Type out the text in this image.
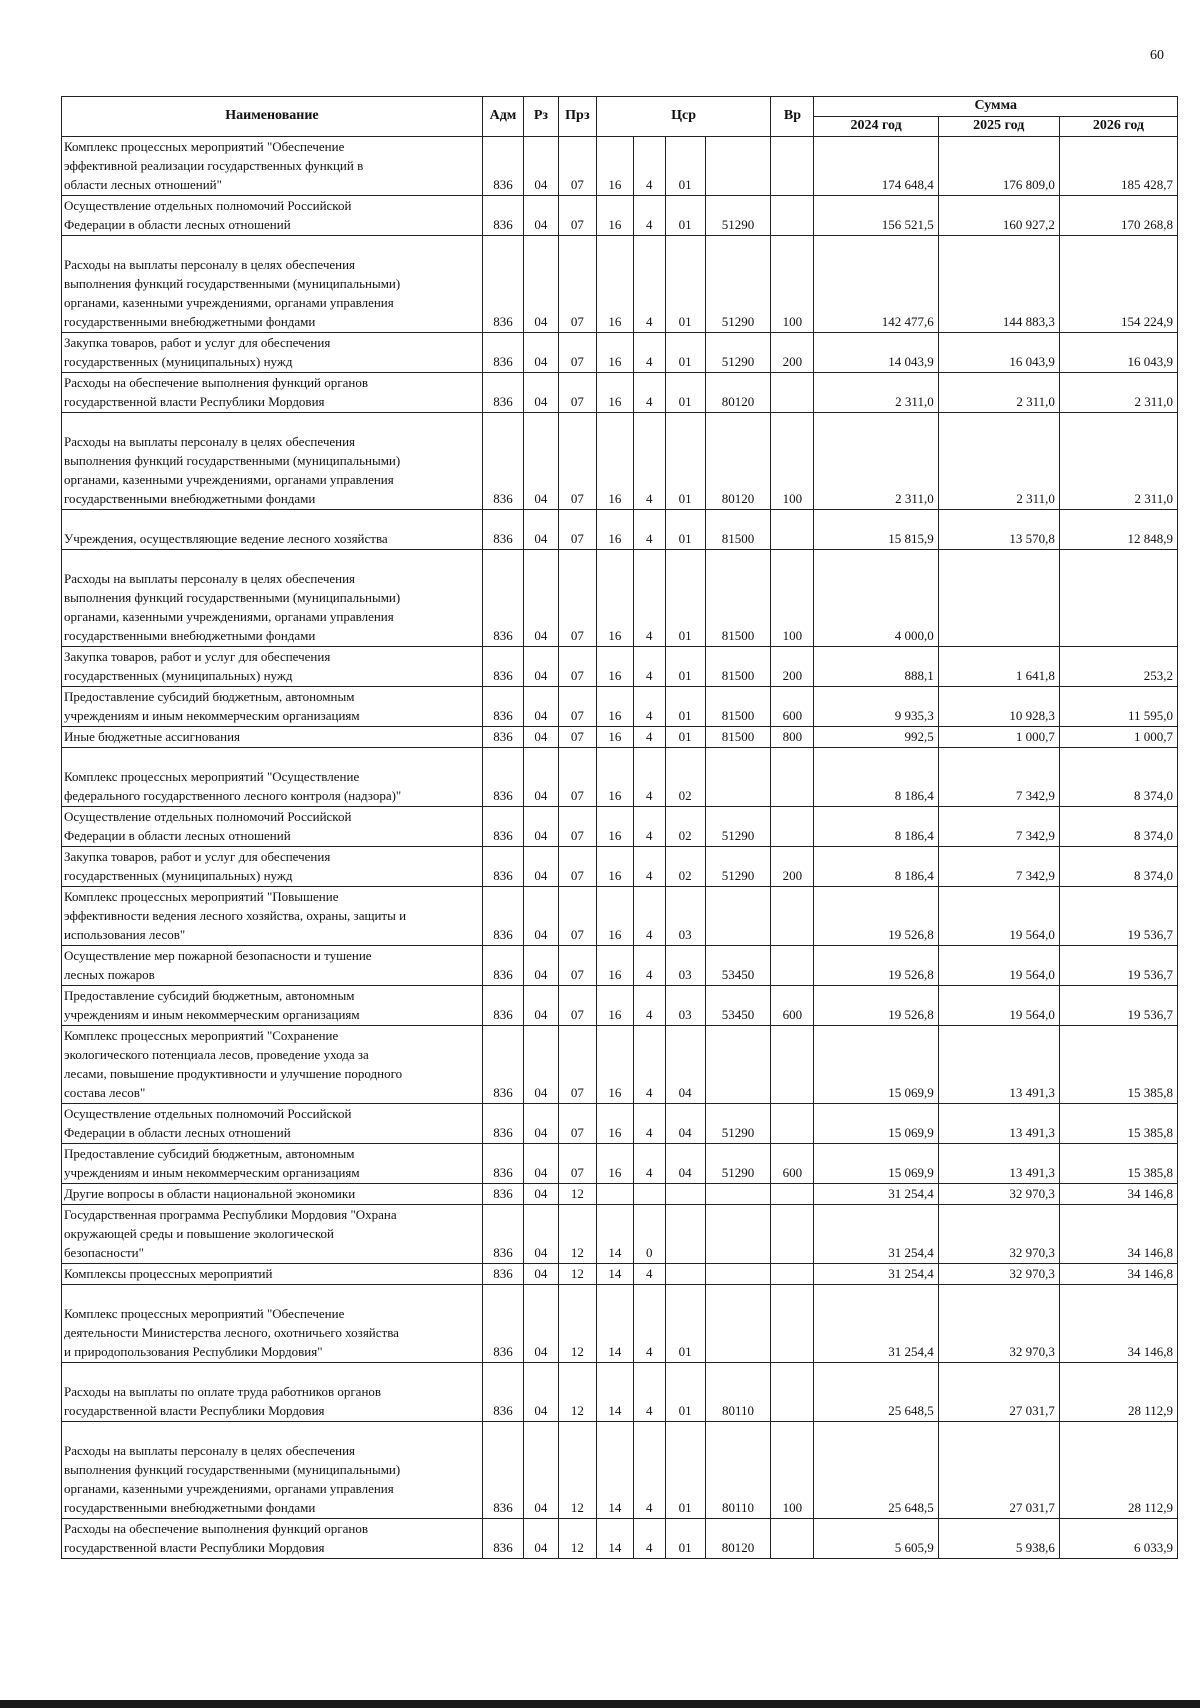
60
Наименование	Адм	Рз	Прз	Цср				Вр	Сумма		
									2024 год	2025 год	2026 год

Комплекс процессных мероприятий "Обеспечение
эффективной реализации государственных функций в
области лесных отношений"	836	04	07	16	4	01			174 648,4	176 809,0	185 428,7

Осуществление отдельных полномочий Российской
Федерации в области лесных отношений	836	04	07	16	4	01	51290		156 521,5	160 927,2	170 268,8

Расходы на выплаты персоналу в целях обеспечения
выполнения функций государственными (муниципальными)
органами, казенными учреждениями, органами управления
государственными внебюджетными фондами	836	04	07	16	4	01	51290	100	142 477,6	144 883,3	154 224,9

Закупка товаров, работ и услуг для обеспечения
государственных (муниципальных) нужд	836	04	07	16	4	01	51290	200	14 043,9	16 043,9	16 043,9

Расходы на обеспечение выполнения функций органов
государственной власти Республики Мордовия	836	04	07	16	4	01	80120		2 311,0	2 311,0	2 311,0

Расходы на выплаты персоналу в целях обеспечения
выполнения функций государственными (муниципальными)
органами, казенными учреждениями, органами управления
государственными внебюджетными фондами	836	04	07	16	4	01	80120	100	2 311,0	2 311,0	2 311,0

Учреждения, осуществляющие ведение лесного хозяйства	836	04	07	16	4	01	81500		15 815,9	13 570,8	12 848,9

Расходы на выплаты персоналу в целях обеспечения
выполнения функций государственными (муниципальными)
органами, казенными учреждениями, органами управления
государственными внебюджетными фондами	836	04	07	16	4	01	81500	100	4 000,0		

Закупка товаров, работ и услуг для обеспечения
государственных (муниципальных) нужд	836	04	07	16	4	01	81500	200	888,1	1 641,8	253,2

Предоставление субсидий бюджетным, автономным
учреждениям и иным некоммерческим организациям	836	04	07	16	4	01	81500	600	9 935,3	10 928,3	11 595,0

Иные бюджетные ассигнования	836	04	07	16	4	01	81500	800	992,5	1 000,7	1 000,7

Комплекс процессных мероприятий "Осуществление
федерального государственного лесного контроля (надзора)"	836	04	07	16	4	02			8 186,4	7 342,9	8 374,0

Осуществление отдельных полномочий Российской
Федерации в области лесных отношений	836	04	07	16	4	02	51290		8 186,4	7 342,9	8 374,0

Закупка товаров, работ и услуг для обеспечения
государственных (муниципальных) нужд	836	04	07	16	4	02	51290	200	8 186,4	7 342,9	8 374,0

Комплекс процессных мероприятий "Повышение
эффективности ведения лесного хозяйства, охраны, защиты и
использования лесов"	836	04	07	16	4	03			19 526,8	19 564,0	19 536,7

Осуществление мер пожарной безопасности и тушение
лесных пожаров	836	04	07	16	4	03	53450		19 526,8	19 564,0	19 536,7

Предоставление субсидий бюджетным, автономным
учреждениям и иным некоммерческим организациям	836	04	07	16	4	03	53450	600	19 526,8	19 564,0	19 536,7

Комплекс процессных мероприятий "Сохранение
экологического потенциала лесов, проведение ухода за
лесами, повышение продуктивности и улучшение породного
состава лесов"	836	04	07	16	4	04			15 069,9	13 491,3	15 385,8

Осуществление отдельных полномочий Российской
Федерации в области лесных отношений	836	04	07	16	4	04	51290		15 069,9	13 491,3	15 385,8

Предоставление субсидий бюджетным, автономным
учреждениям и иным некоммерческим организациям	836	04	07	16	4	04	51290	600	15 069,9	13 491,3	15 385,8

Другие вопросы в области национальной экономики	836	04	12						31 254,4	32 970,3	34 146,8

Государственная программа Республики Мордовия "Охрана
окружающей среды и повышение экологической
безопасности"	836	04	12	14	0				31 254,4	32 970,3	34 146,8

Комплексы процессных мероприятий	836	04	12	14	4				31 254,4	32 970,3	34 146,8

Комплекс процессных мероприятий "Обеспечение
деятельности Министерства лесного, охотничьего хозяйства
и природопользования Республики Мордовия"	836	04	12	14	4	01			31 254,4	32 970,3	34 146,8

Расходы на выплаты по оплате труда работников органов
государственной власти Республики Мордовия	836	04	12	14	4	01	80110		25 648,5	27 031,7	28 112,9

Расходы на выплаты персоналу в целях обеспечения
выполнения функций государственными (муниципальными)
органами, казенными учреждениями, органами управления
государственными внебюджетными фондами	836	04	12	14	4	01	80110	100	25 648,5	27 031,7	28 112,9

Расходы на обеспечение выполнения функций органов
государственной власти Республики Мордовия	836	04	12	14	4	01	80120		5 605,9	5 938,6	6 033,9
